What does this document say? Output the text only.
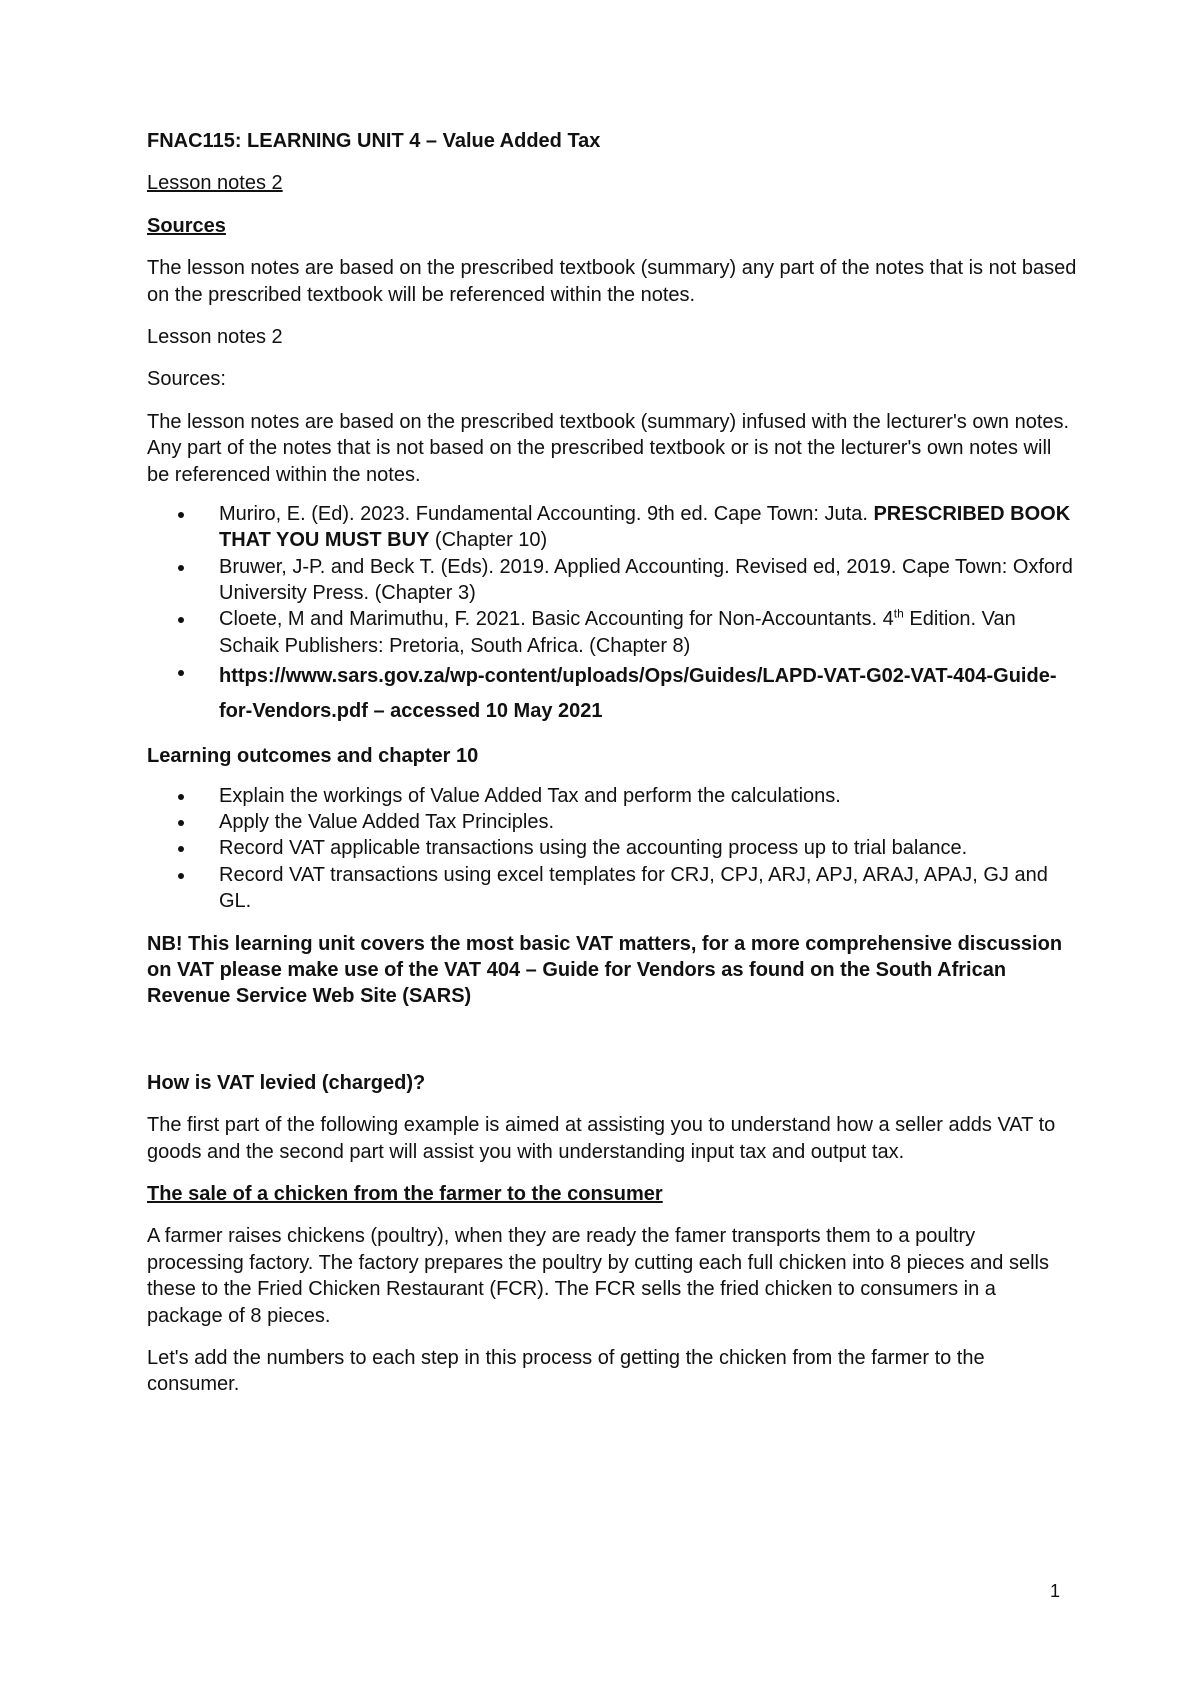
FNAC115: LEARNING UNIT 4 – Value Added Tax

Lesson notes 2

Sources

The lesson notes are based on the prescribed textbook (summary) any part of the notes that is not based on the prescribed textbook will be referenced within the notes.

Lesson notes 2

Sources:

The lesson notes are based on the prescribed textbook (summary) infused with the lecturer's own notes. Any part of the notes that is not based on the prescribed textbook or is not the lecturer's own notes will be referenced within the notes.

Muriro, E. (Ed). 2023. Fundamental Accounting. 9th ed. Cape Town: Juta. PRESCRIBED BOOK THAT YOU MUST BUY (Chapter 10)
Bruwer, J-P. and Beck T. (Eds). 2019. Applied Accounting. Revised ed, 2019. Cape Town: Oxford University Press. (Chapter 3)
Cloete, M and Marimuthu, F. 2021. Basic Accounting for Non-Accountants. 4th Edition. Van Schaik Publishers: Pretoria, South Africa. (Chapter 8)
https://www.sars.gov.za/wp-content/uploads/Ops/Guides/LAPD-VAT-G02-VAT-404-Guide-for-Vendors.pdf – accessed 10 May 2021

Learning outcomes and chapter 10

Explain the workings of Value Added Tax and perform the calculations.
Apply the Value Added Tax Principles.
Record VAT applicable transactions using the accounting process up to trial balance.
Record VAT transactions using excel templates for CRJ, CPJ, ARJ, APJ, ARAJ, APAJ, GJ and GL.

NB! This learning unit covers the most basic VAT matters, for a more comprehensive discussion on VAT please make use of the VAT 404 – Guide for Vendors as found on the South African Revenue Service Web Site (SARS)

How is VAT levied (charged)?

The first part of the following example is aimed at assisting you to understand how a seller adds VAT to goods and the second part will assist you with understanding input tax and output tax.

The sale of a chicken from the farmer to the consumer

A farmer raises chickens (poultry), when they are ready the famer transports them to a poultry processing factory. The factory prepares the poultry by cutting each full chicken into 8 pieces and sells these to the Fried Chicken Restaurant (FCR). The FCR sells the fried chicken to consumers in a package of 8 pieces.

Let's add the numbers to each step in this process of getting the chicken from the farmer to the consumer.

1
